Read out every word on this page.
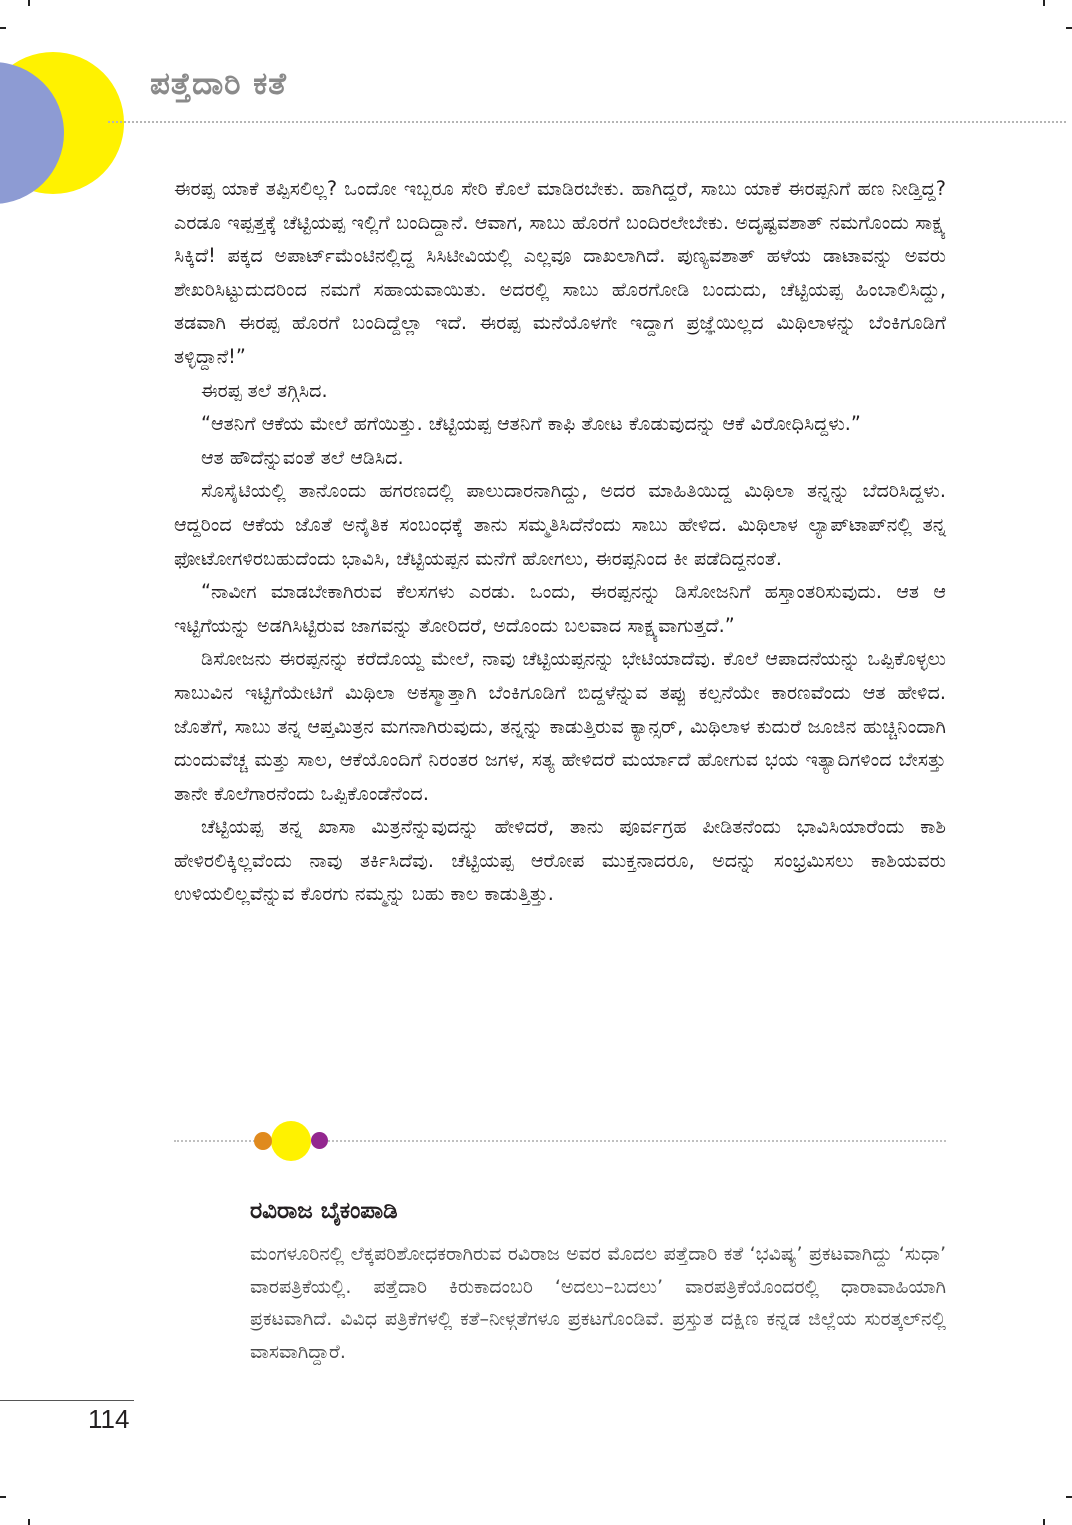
ಪತ್ತೆದಾರಿ ಕತೆ

ಈರಪ್ಪ ಯಾಕೆ ತಪ್ಪಿಸಲಿಲ್ಲ? ಒಂದೋ ಇಬ್ಬರೂ ಸೇರಿ ಕೊಲೆ ಮಾಡಿರಬೇಕು. ಹಾಗಿದ್ದರೆ, ಸಾಬು ಯಾಕೆ ಈರಪ್ಪನಿಗೆ ಹಣ ನೀಡ್ತಿದ್ದ? ಎರಡೂ ಇಪ್ಪತ್ತಕ್ಕೆ ಚೆಟ್ಟಿಯಪ್ಪ ಇಲ್ಲಿಗೆ ಬಂದಿದ್ದಾನೆ. ಆವಾಗ, ಸಾಬು ಹೊರಗೆ ಬಂದಿರಲೇಬೇಕು. ಅದೃಷ್ಟವಶಾತ್ ನಮಗೊಂದು ಸಾಕ್ಷ್ಯ ಸಿಕ್ಕಿದೆ! ಪಕ್ಕದ ಅಪಾರ್ಟ್‌ಮೆಂಟಿನಲ್ಲಿದ್ದ ಸಿಸಿಟೀವಿಯಲ್ಲಿ ಎಲ್ಲವೂ ದಾಖಲಾಗಿದೆ. ಪುಣ್ಯವಶಾತ್ ಹಳೆಯ ಡಾಟಾವನ್ನು ಅವರು ಶೇಖರಿಸಿಟ್ಟುದುದರಿಂದ ನಮಗೆ ಸಹಾಯವಾಯಿತು. ಅದರಲ್ಲಿ ಸಾಬು ಹೊರಗೋಡಿ ಬಂದುದು, ಚೆಟ್ಟಿಯಪ್ಪ ಹಿಂಬಾಲಿಸಿದ್ದು, ತಡವಾಗಿ ಈರಪ್ಪ ಹೊರಗೆ ಬಂದಿದ್ದೆಲ್ಲಾ ಇದೆ. ಈರಪ್ಪ ಮನೆಯೊಳಗೇ ಇದ್ದಾಗ ಪ್ರಜ್ಞೆಯಿಲ್ಲದ ಮಿಥಿಲಾಳನ್ನು ಬೆಂಕಿಗೂಡಿಗೆ ತಳ್ಳಿದ್ದಾನೆ!”

ಈರಪ್ಪ ತಲೆ ತಗ್ಗಿಸಿದ.

“ಆತನಿಗೆ ಆಕೆಯ ಮೇಲೆ ಹಗೆಯಿತ್ತು. ಚೆಟ್ಟಿಯಪ್ಪ ಆತನಿಗೆ ಕಾಫಿ ತೋಟ ಕೊಡುವುದನ್ನು ಆಕೆ ವಿರೋಧಿಸಿದ್ದಳು.”

ಆತ ಹೌದೆನ್ನುವಂತೆ ತಲೆ ಆಡಿಸಿದ.

ಸೊಸೈಟಿಯಲ್ಲಿ ತಾನೊಂದು ಹಗರಣದಲ್ಲಿ ಪಾಲುದಾರನಾಗಿದ್ದು, ಅದರ ಮಾಹಿತಿಯಿದ್ದ ಮಿಥಿಲಾ ತನ್ನನ್ನು ಬೆದರಿಸಿದ್ದಳು. ಆದ್ದರಿಂದ ಆಕೆಯ ಜೊತೆ ಅನೈತಿಕ ಸಂಬಂಧಕ್ಕೆ ತಾನು ಸಮ್ಮತಿಸಿದೆನೆಂದು ಸಾಬು ಹೇಳಿದ. ಮಿಥಿಲಾಳ ಲ್ಯಾಪ್‌ಟಾಪ್‌ನಲ್ಲಿ ತನ್ನ ಫೋಟೋಗಳಿರಬಹುದೆಂದು ಭಾವಿಸಿ, ಚೆಟ್ಟಿಯಪ್ಪನ ಮನೆಗೆ ಹೋಗಲು, ಈರಪ್ಪನಿಂದ ಕೀ ಪಡೆದಿದ್ದನಂತೆ.

“ನಾವೀಗ ಮಾಡಬೇಕಾಗಿರುವ ಕೆಲಸಗಳು ಎರಡು. ಒಂದು, ಈರಪ್ಪನನ್ನು ಡಿಸೋಜನಿಗೆ ಹಸ್ತಾಂತರಿಸುವುದು. ಆತ ಆ ಇಟ್ಟಿಗೆಯನ್ನು ಅಡಗಿಸಿಟ್ಟಿರುವ ಜಾಗವನ್ನು ತೋರಿದರೆ, ಅದೊಂದು ಬಲವಾದ ಸಾಕ್ಷ್ಯವಾಗುತ್ತದೆ.”

ಡಿಸೋಜನು ಈರಪ್ಪನನ್ನು ಕರೆದೊಯ್ದ ಮೇಲೆ, ನಾವು ಚೆಟ್ಟಿಯಪ್ಪನನ್ನು ಭೇಟಿಯಾದೆವು. ಕೊಲೆ ಆಪಾದನೆಯನ್ನು ಒಪ್ಪಿಕೊಳ್ಳಲು ಸಾಬುವಿನ ಇಟ್ಟಿಗೆಯೇಟಿಗೆ ಮಿಥಿಲಾ ಅಕಸ್ಮಾತ್ತಾಗಿ ಬೆಂಕಿಗೂಡಿಗೆ ಬಿದ್ದಳೆನ್ನುವ ತಪ್ಪು ಕಲ್ಪನೆಯೇ ಕಾರಣವೆಂದು ಆತ ಹೇಳಿದ. ಜೊತೆಗೆ, ಸಾಬು ತನ್ನ ಆಪ್ತಮಿತ್ರನ ಮಗನಾಗಿರುವುದು, ತನ್ನನ್ನು ಕಾಡುತ್ತಿರುವ ಕ್ಯಾನ್ಸರ್, ಮಿಥಿಲಾಳ ಕುದುರೆ ಜೂಜಿನ ಹುಚ್ಚಿನಿಂದಾಗಿ ದುಂದುವೆಚ್ಚ ಮತ್ತು ಸಾಲ, ಆಕೆಯೊಂದಿಗೆ ನಿರಂತರ ಜಗಳ, ಸತ್ಯ ಹೇಳಿದರೆ ಮರ್ಯಾದೆ ಹೋಗುವ ಭಯ ಇತ್ಯಾದಿಗಳಿಂದ ಬೇಸತ್ತು ತಾನೇ ಕೊಲೆಗಾರನೆಂದು ಒಪ್ಪಿಕೊಂಡೆನೆಂದ.

ಚೆಟ್ಟಿಯಪ್ಪ ತನ್ನ ಖಾಸಾ ಮಿತ್ರನೆನ್ನುವುದನ್ನು ಹೇಳಿದರೆ, ತಾನು ಪೂರ್ವಗ್ರಹ ಪೀಡಿತನೆಂದು ಭಾವಿಸಿಯಾರೆಂದು ಕಾಶಿ ಹೇಳಿರಲಿಕ್ಕಿಲ್ಲವೆಂದು ನಾವು ತರ್ಕಿಸಿದೆವು. ಚೆಟ್ಟಿಯಪ್ಪ ಆರೋಪ ಮುಕ್ತನಾದರೂ, ಅದನ್ನು ಸಂಭ್ರಮಿಸಲು ಕಾಶಿಯವರು ಉಳಿಯಲಿಲ್ಲವೆನ್ನುವ ಕೊರಗು ನಮ್ಮನ್ನು ಬಹು ಕಾಲ ಕಾಡುತ್ತಿತ್ತು.

ರವಿರಾಜ ಬೈಕಂಪಾಡಿ

ಮಂಗಳೂರಿನಲ್ಲಿ ಲೆಕ್ಕಪರಿಶೋಧಕರಾಗಿರುವ ರವಿರಾಜ ಅವರ ಮೊದಲ ಪತ್ತೆದಾರಿ ಕತೆ ‘ಭವಿಷ್ಯ’ ಪ್ರಕಟವಾಗಿದ್ದು ‘ಸುಧಾ’ ವಾರಪತ್ರಿಕೆಯಲ್ಲಿ. ಪತ್ತೆದಾರಿ ಕಿರುಕಾದಂಬರಿ ‘ಅದಲು–ಬದಲು’ ವಾರಪತ್ರಿಕೆಯೊಂದರಲ್ಲಿ ಧಾರಾವಾಹಿಯಾಗಿ ಪ್ರಕಟವಾಗಿದೆ. ವಿವಿಧ ಪತ್ರಿಕೆಗಳಲ್ಲಿ ಕತೆ–ನೀಳ್ಗತೆಗಳೂ ಪ್ರಕಟಗೊಂಡಿವೆ. ಪ್ರಸ್ತುತ ದಕ್ಷಿಣ ಕನ್ನಡ ಜಿಲ್ಲೆಯ ಸುರತ್ಕಲ್‌ನಲ್ಲಿ ವಾಸವಾಗಿದ್ದಾರೆ.

114
